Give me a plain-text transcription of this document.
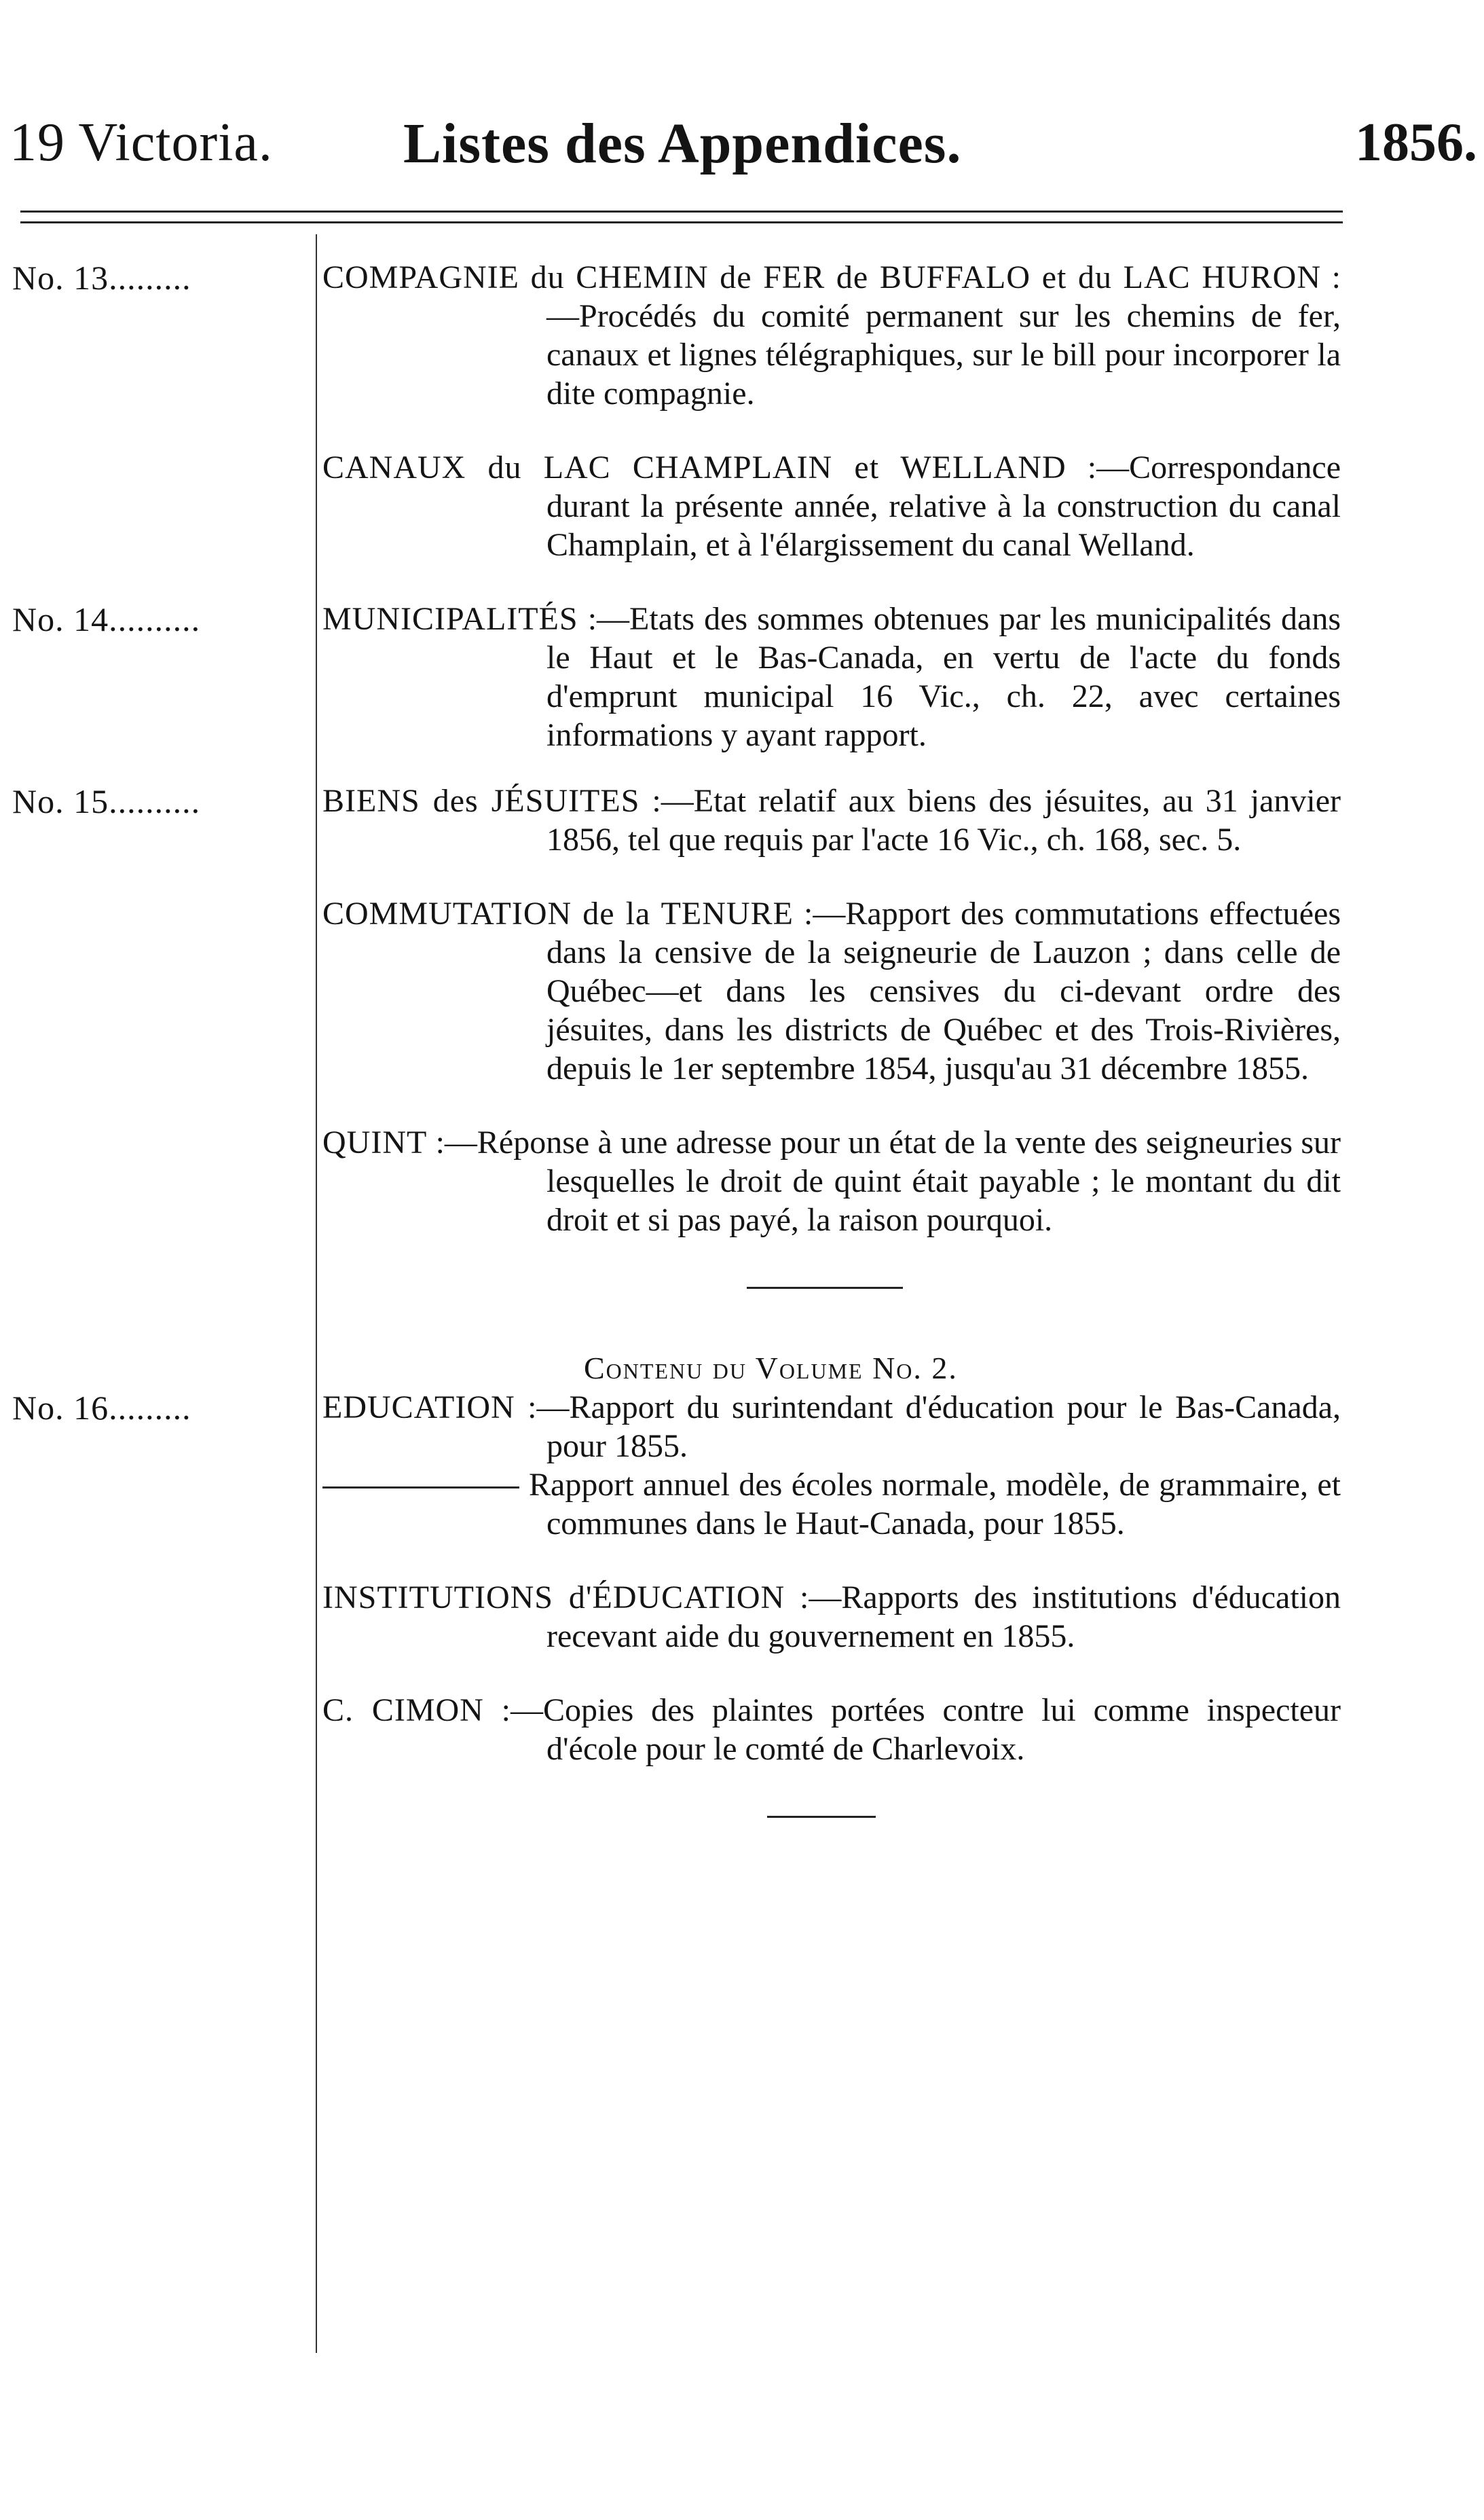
19 Victoria. Listes des Appendices.	1856.
No. 13.........	COMPAGNIE du CHEMIN de FER de BUFFALO et du LAC HURON :—Procédés du comité permanent sur les chemins de fer, canaux et lignes télégraphiques, sur le bill pour incorporer la dite compagnie.
CANAUX du LAC CHAMPLAIN et WELLAND :—Correspondance durant la présente année, relative à la construction du canal Champlain, et à l'élargissement du canal Welland.
No. 14..........	MUNICIPALITÉS :—Etats des sommes obtenues par les municipalités dans le Haut et le Bas-Canada, en vertu de l'acte du fonds d'emprunt municipal 16 Vic., ch. 22, avec certaines informations y ayant rapport.
No. 15..........	BIENS des JÉSUITES :—Etat relatif aux biens des jésuites, au 31 janvier 1856, tel que requis par l'acte 16 Vic., ch. 168, sec. 5.
COMMUTATION de la TENURE :—Rapport des commutations effectuées dans la censive de la seigneurie de Lauzon ; dans celle de Québec—et dans les censives du ci-devant ordre des jésuites, dans les districts de Québec et des Trois-Rivières, depuis le 1er septembre 1854, jusqu'au 31 décembre 1855.
QUINT :—Réponse à une adresse pour un état de la vente des seigneuries sur lesquelles le droit de quint était payable ; le montant du dit droit et si pas payé, la raison pourquoi.
Contenu du Volume No. 2.
No. 16.........	EDUCATION :—Rapport du surintendant d'éducation pour le Bas-Canada, pour 1855.
Rapport annuel des écoles normale, modèle, de grammaire, et communes dans le Haut-Canada, pour 1855.
INSTITUTIONS d'ÉDUCATION :—Rapports des institutions d'éducation recevant aide du gouvernement en 1855.
C. CIMON :—Copies des plaintes portées contre lui comme inspecteur d'école pour le comté de Charlevoix.
